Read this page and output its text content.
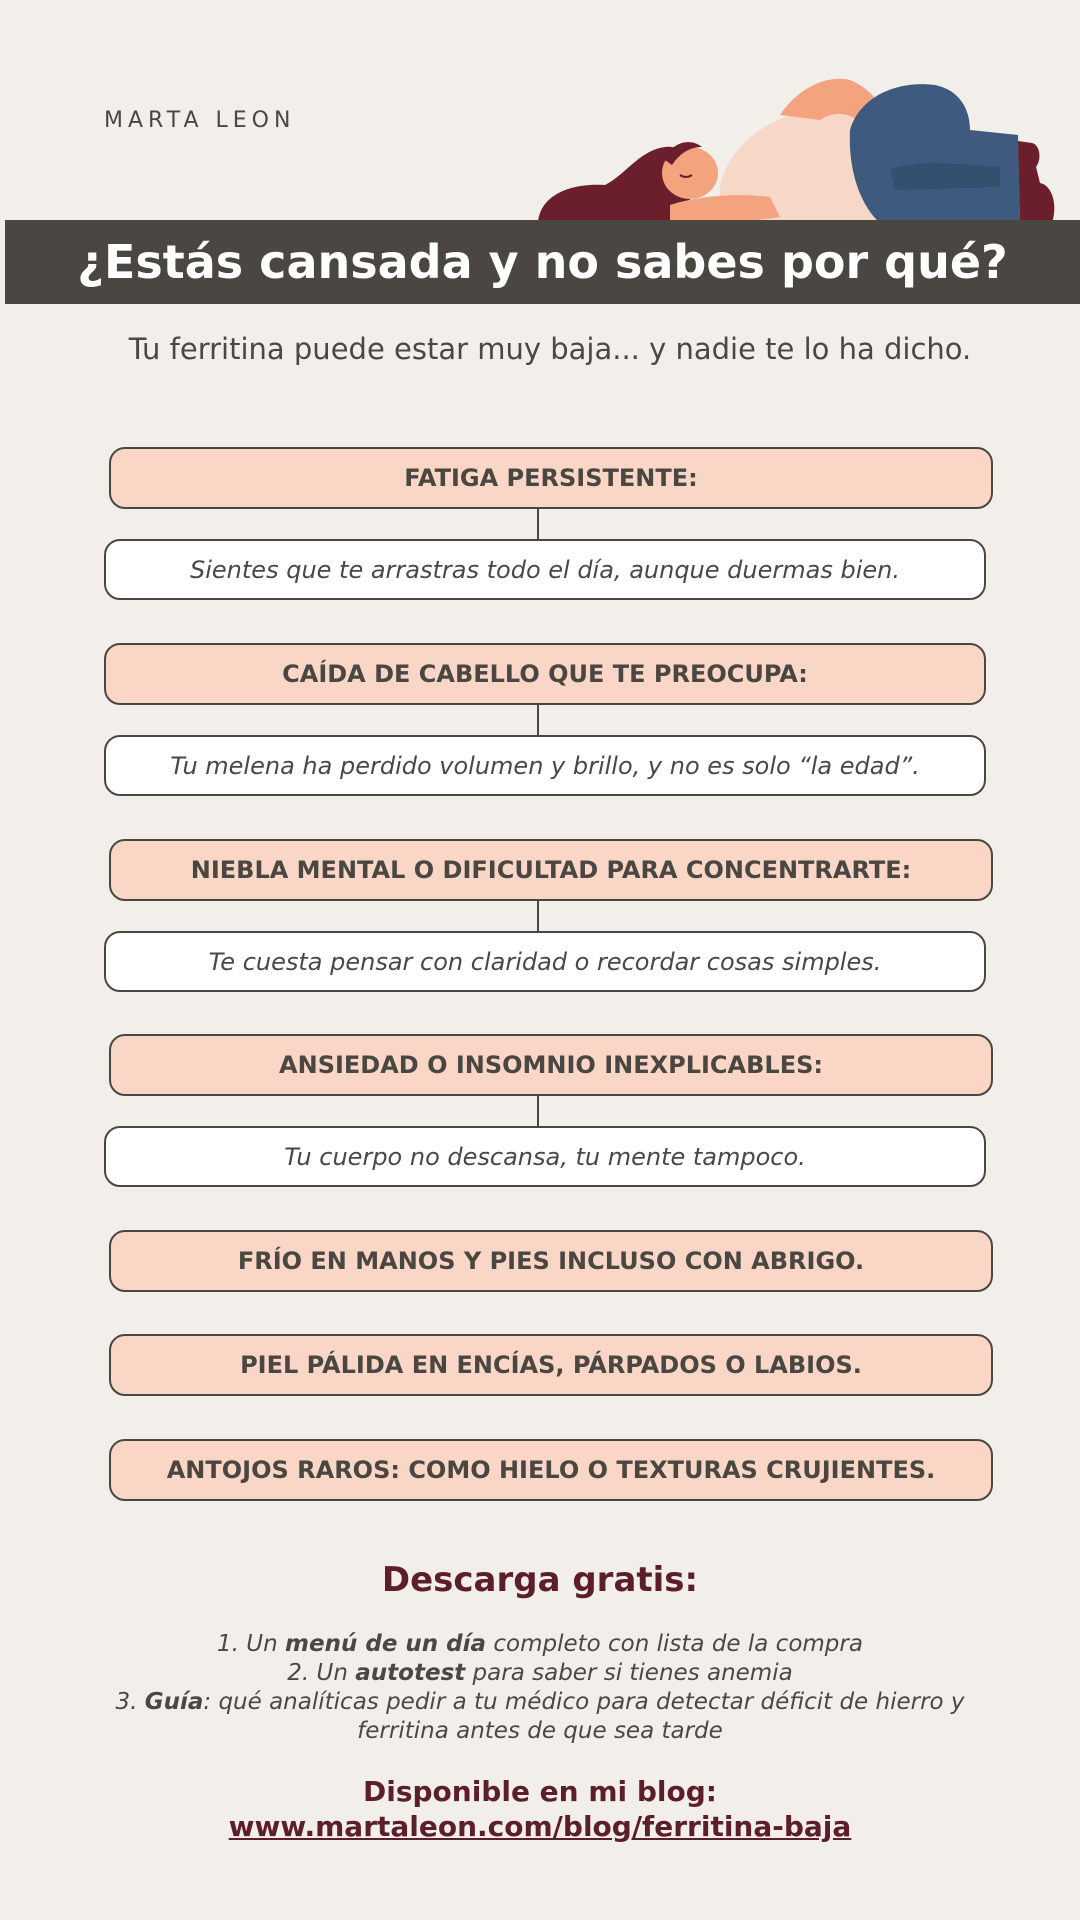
MARTA LEON
¿Estás cansada y no sabes por qué?
Tu ferritina puede estar muy baja... y nadie te lo ha dicho.
FATIGA PERSISTENTE:
Sientes que te arrastras todo el día, aunque duermas bien.
CAÍDA DE CABELLO QUE TE PREOCUPA:
Tu melena ha perdido volumen y brillo, y no es solo “la edad”.
NIEBLA MENTAL O DIFICULTAD PARA CONCENTRARTE:
Te cuesta pensar con claridad o recordar cosas simples.
ANSIEDAD O INSOMNIO INEXPLICABLES:
Tu cuerpo no descansa, tu mente tampoco.
FRÍO EN MANOS Y PIES INCLUSO CON ABRIGO.
PIEL PÁLIDA EN ENCÍAS, PÁRPADOS O LABIOS.
ANTOJOS RAROS: COMO HIELO O TEXTURAS CRUJIENTES.
Descarga gratis:
1. Un menú de un día completo con lista de la compra
2. Un autotest para saber si tienes anemia
3. Guía: qué analíticas pedir a tu médico para detectar déficit de hierro y ferritina antes de que sea tarde
Disponible en mi blog:
www.martaleon.com/blog/ferritina-baja
